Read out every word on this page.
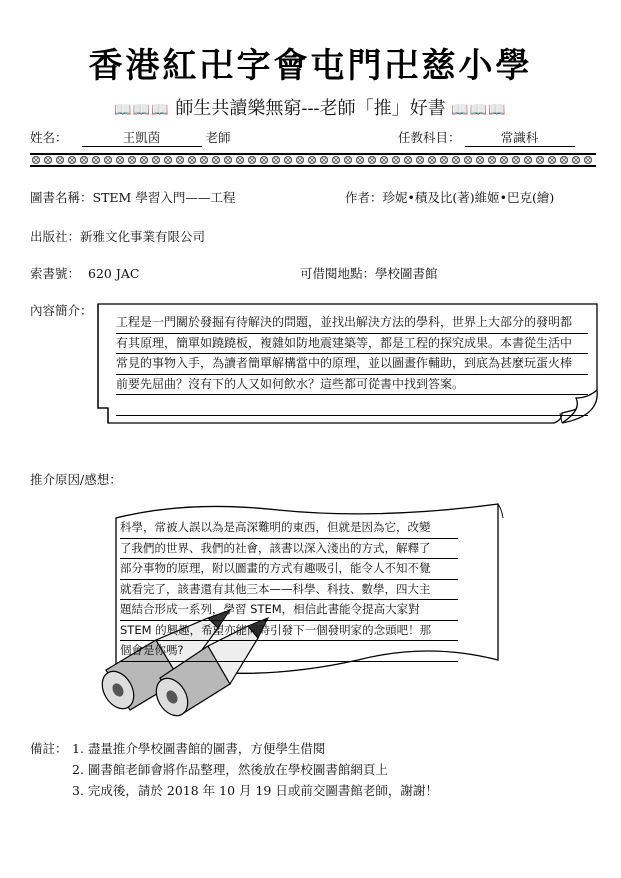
香港紅卍字會屯門卍慈小學
📖📖📖 師生共讀樂無窮---老師「推」好書 📖📖📖
姓名：	王凱茵	老師	任教科目：	常識科
圖書名稱：STEM 學習入門——工程	作者：珍妮•積及比(著)維姬•巴克(繪)
出版社：新雅文化事業有限公司
索書號： 620 JAC	可借閱地點：學校圖書館
內容簡介：
工程是一門關於發掘有待解決的問題，並找出解決方法的學科，世界上大部分的發明都
有其原理，簡單如蹺蹺板，複雜如防地震建築等，都是工程的探究成果。本書從生活中
常見的事物入手，為讀者簡單解構當中的原理，並以圖畫作輔助，到底為甚麼玩蛋火棒
前要先屈曲？沒有下的人又如何飲水？這些都可從書中找到答案。
推介原因/感想：
科學，常被人誤以為是高深難明的東西，但就是因為它，改變
了我們的世界、我們的社會，該書以深入淺出的方式，解釋了
部分事物的原理，附以圖畫的方式有趣吸引，能令人不知不覺
就看完了，該書還有其他三本——科學、科技、數學，四大主
題結合形成一系列，學習 STEM，相信此書能令提高大家對
STEM 的興趣，希望亦能同時引發下一個發明家的念頭吧！那
個會是你嗎?
備註： 1. 盡量推介學校圖書館的圖書，方便學生借閱
2. 圖書館老師會將作品整理，然後放在學校圖書館網頁上
3. 完成後，請於 2018 年 10 月 19 日或前交圖書館老師，謝謝！
